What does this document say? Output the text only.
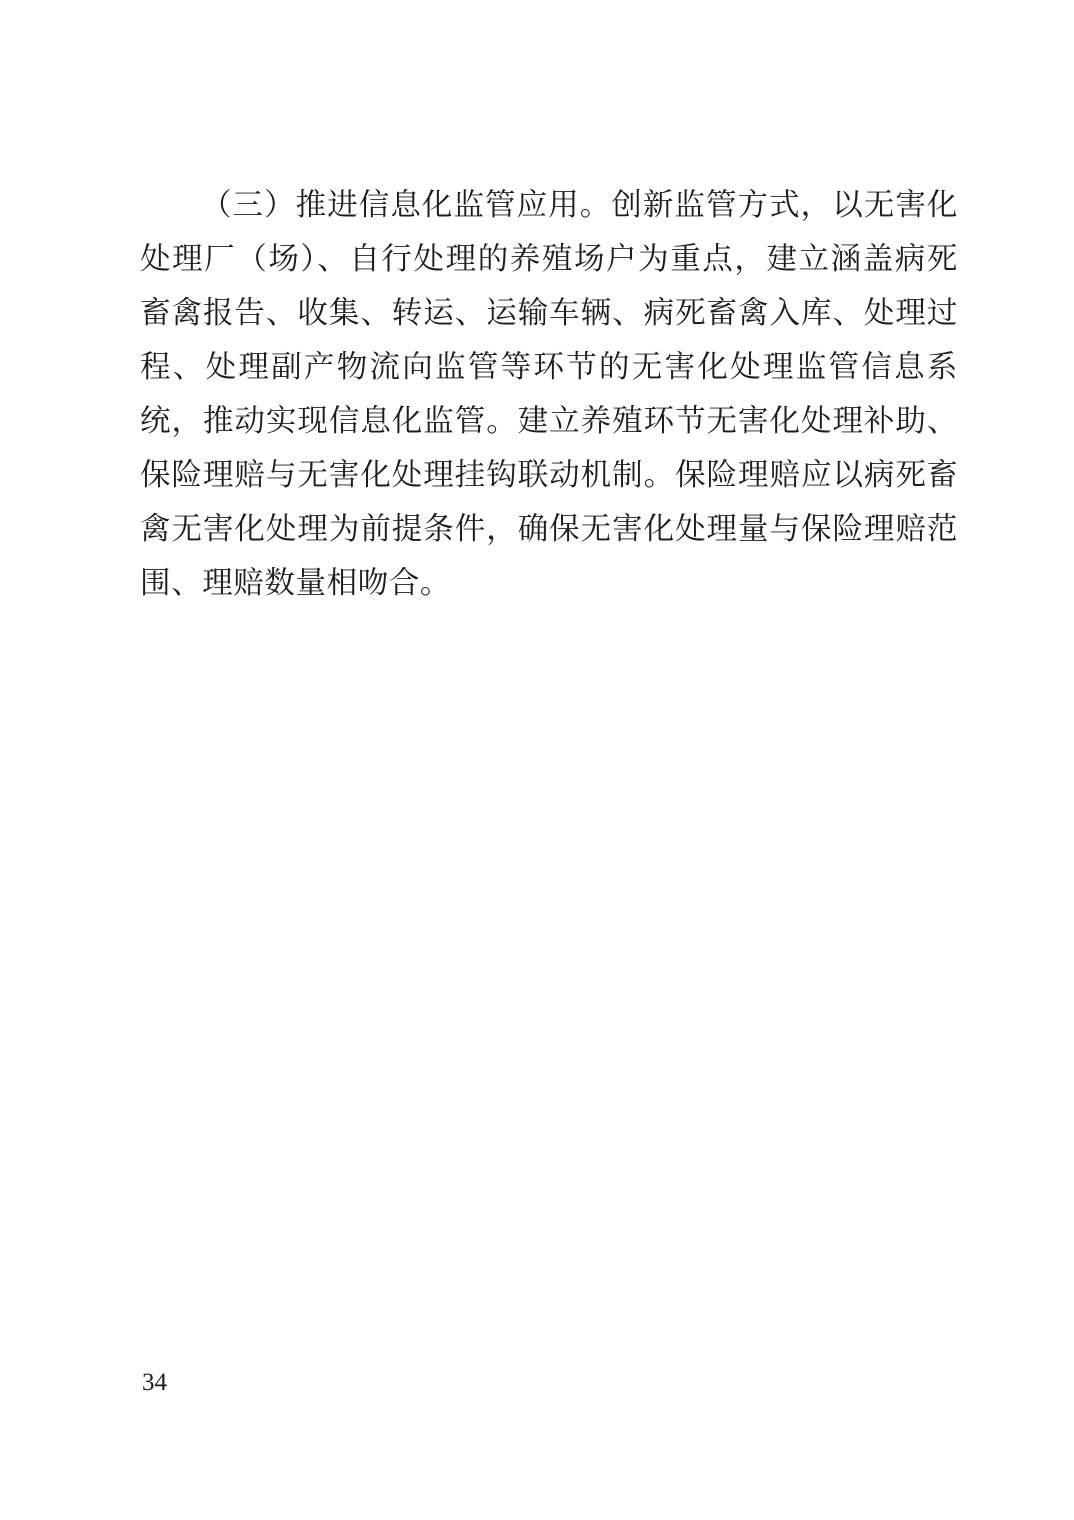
（三）推进信息化监管应用。创新监管方式，以无害化处理厂（场）、自行处理的养殖场户为重点，建立涵盖病死畜禽报告、收集、转运、运输车辆、病死畜禽入库、处理过程、处理副产物流向监管等环节的无害化处理监管信息系统，推动实现信息化监管。建立养殖环节无害化处理补助、保险理赔与无害化处理挂钩联动机制。保险理赔应以病死畜禽无害化处理为前提条件，确保无害化处理量与保险理赔范围、理赔数量相吻合。

34
